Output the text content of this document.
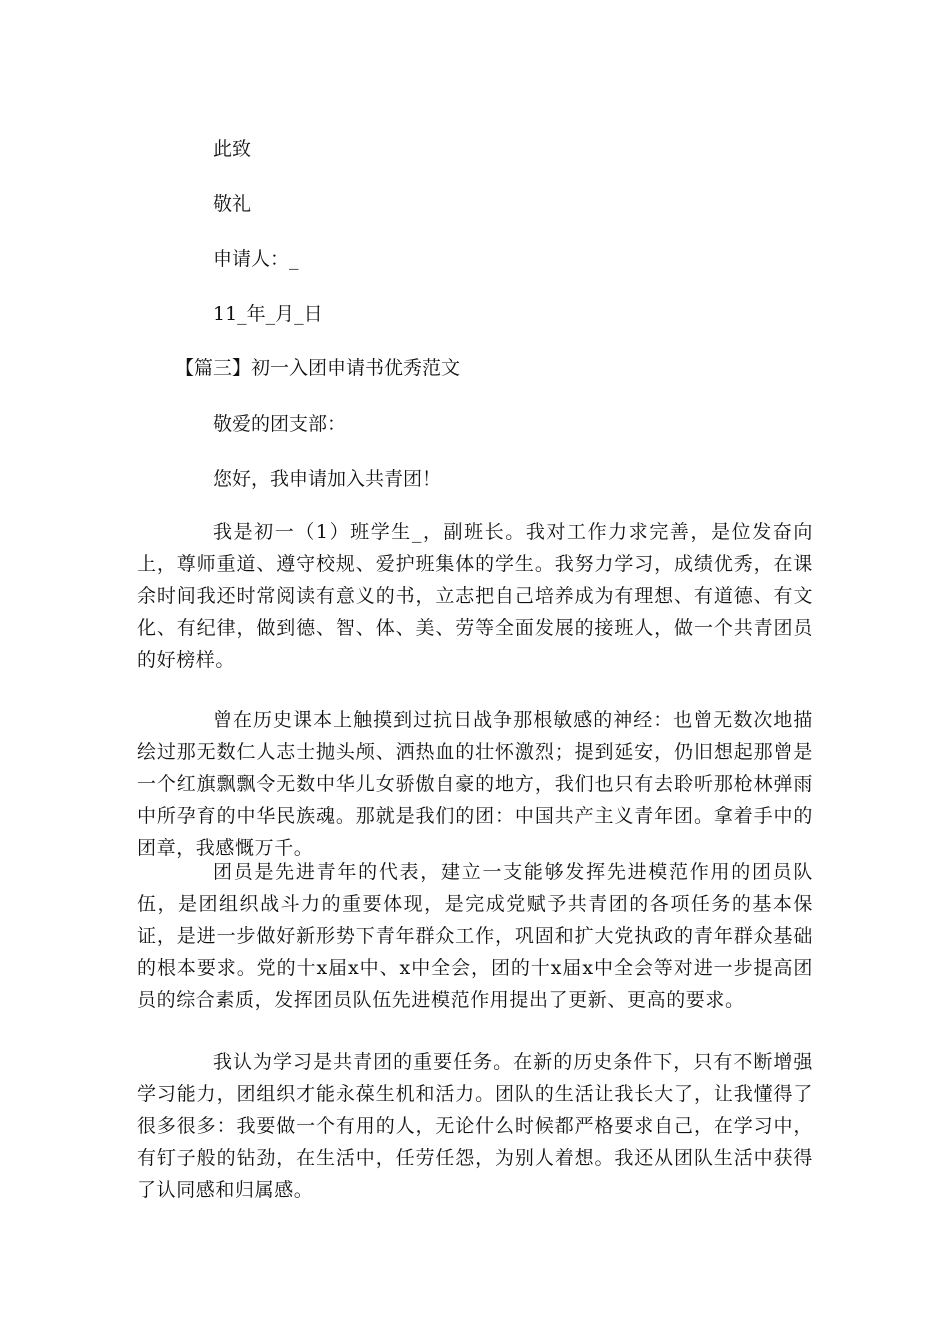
此致
敬礼
申请人：_
11_年_月_日
【篇三】初一入团申请书优秀范文
敬爱的团支部：
您好，我申请加入共青团！
我是初一（1）班学生_，副班长。我对工作力求完善，是位发奋向上，尊师重道、遵守校规、爱护班集体的学生。我努力学习，成绩优秀，在课余时间我还时常阅读有意义的书，立志把自己培养成为有理想、有道德、有文化、有纪律，做到德、智、体、美、劳等全面发展的接班人，做一个共青团员的好榜样。
曾在历史课本上触摸到过抗日战争那根敏感的神经：也曾无数次地描绘过那无数仁人志士抛头颅、洒热血的壮怀激烈；提到延安，仍旧想起那曾是一个红旗飘飘令无数中华儿女骄傲自豪的地方，我们也只有去聆听那枪林弹雨中所孕育的中华民族魂。那就是我们的团：中国共产主义青年团。拿着手中的团章，我感慨万千。
团员是先进青年的代表，建立一支能够发挥先进模范作用的团员队伍，是团组织战斗力的重要体现，是完成党赋予共青团的各项任务的基本保证，是进一步做好新形势下青年群众工作，巩固和扩大党执政的青年群众基础的根本要求。党的十x届x中、x中全会，团的十x届x中全会等对进一步提高团员的综合素质，发挥团员队伍先进模范作用提出了更新、更高的要求。
我认为学习是共青团的重要任务。在新的历史条件下，只有不断增强学习能力，团组织才能永葆生机和活力。团队的生活让我长大了，让我懂得了很多很多：我要做一个有用的人，无论什么时候都严格要求自己，在学习中，有钉子般的钻劲，在生活中，任劳任怨，为别人着想。我还从团队生活中获得了认同感和归属感。
